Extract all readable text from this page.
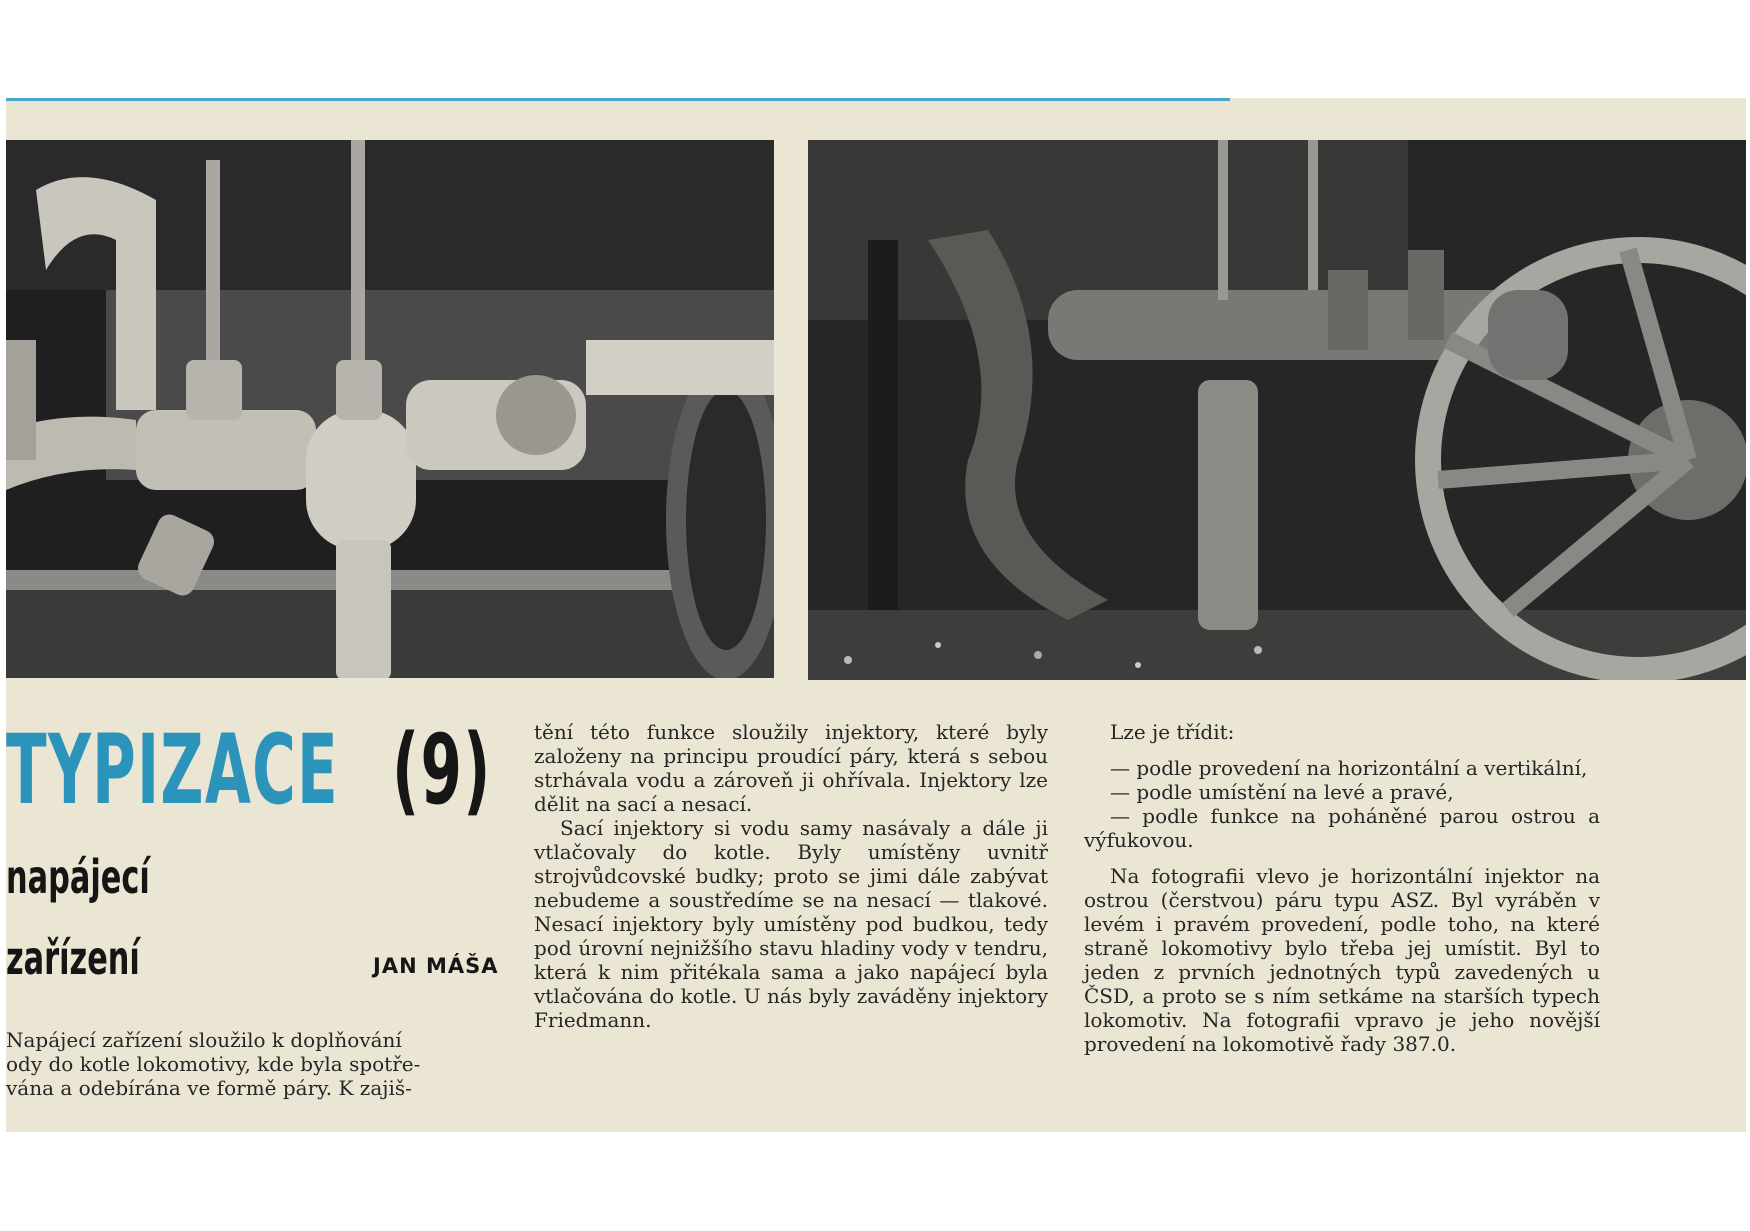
TYPIZACE (9)
napájecí
zařízení	JAN MÁŠA
Napájecí zařízení sloužilo k doplňování
ody do kotle lokomotivy, kde byla spotře-
vána a odebírána ve formě páry. K zajiš-

tění této funkce sloužily injektory, které byly založeny na principu proudící páry, která s sebou strhávala vodu a zároveň ji ohřívala. Injektory lze dělit na sací a nesací.

Sací injektory si vodu samy nasávaly a dále ji vtlačovaly do kotle. Byly umístěny uvnitř strojvůdcovské budky; proto se jimi dále zabývat nebudeme a soustředíme se na nesací — tlakové. Nesací injektory byly umístěny pod budkou, tedy pod úrovní nejnižšího stavu hladiny vody v tendru, která k nim přitékala sama a jako napájecí byla vtlačována do kotle. U nás byly zaváděny injektory Friedmann.

Lze je třídit:

— podle provedení na horizontální a vertikální,

— podle umístění na levé a pravé,

— podle funkce na poháněné parou ostrou a výfukovou.

Na fotografii vlevo je horizontální injektor na ostrou (čerstvou) páru typu ASZ. Byl vyráběn v levém i pravém provedení, podle toho, na které straně lokomotivy bylo třeba jej umístit. Byl to jeden z prvních jednotných typů zavedených u ČSD, a proto se s ním setkáme na starších typech lokomotiv. Na fotografii vpravo je jeho novější provedení na lokomotivě řady 387.0.
